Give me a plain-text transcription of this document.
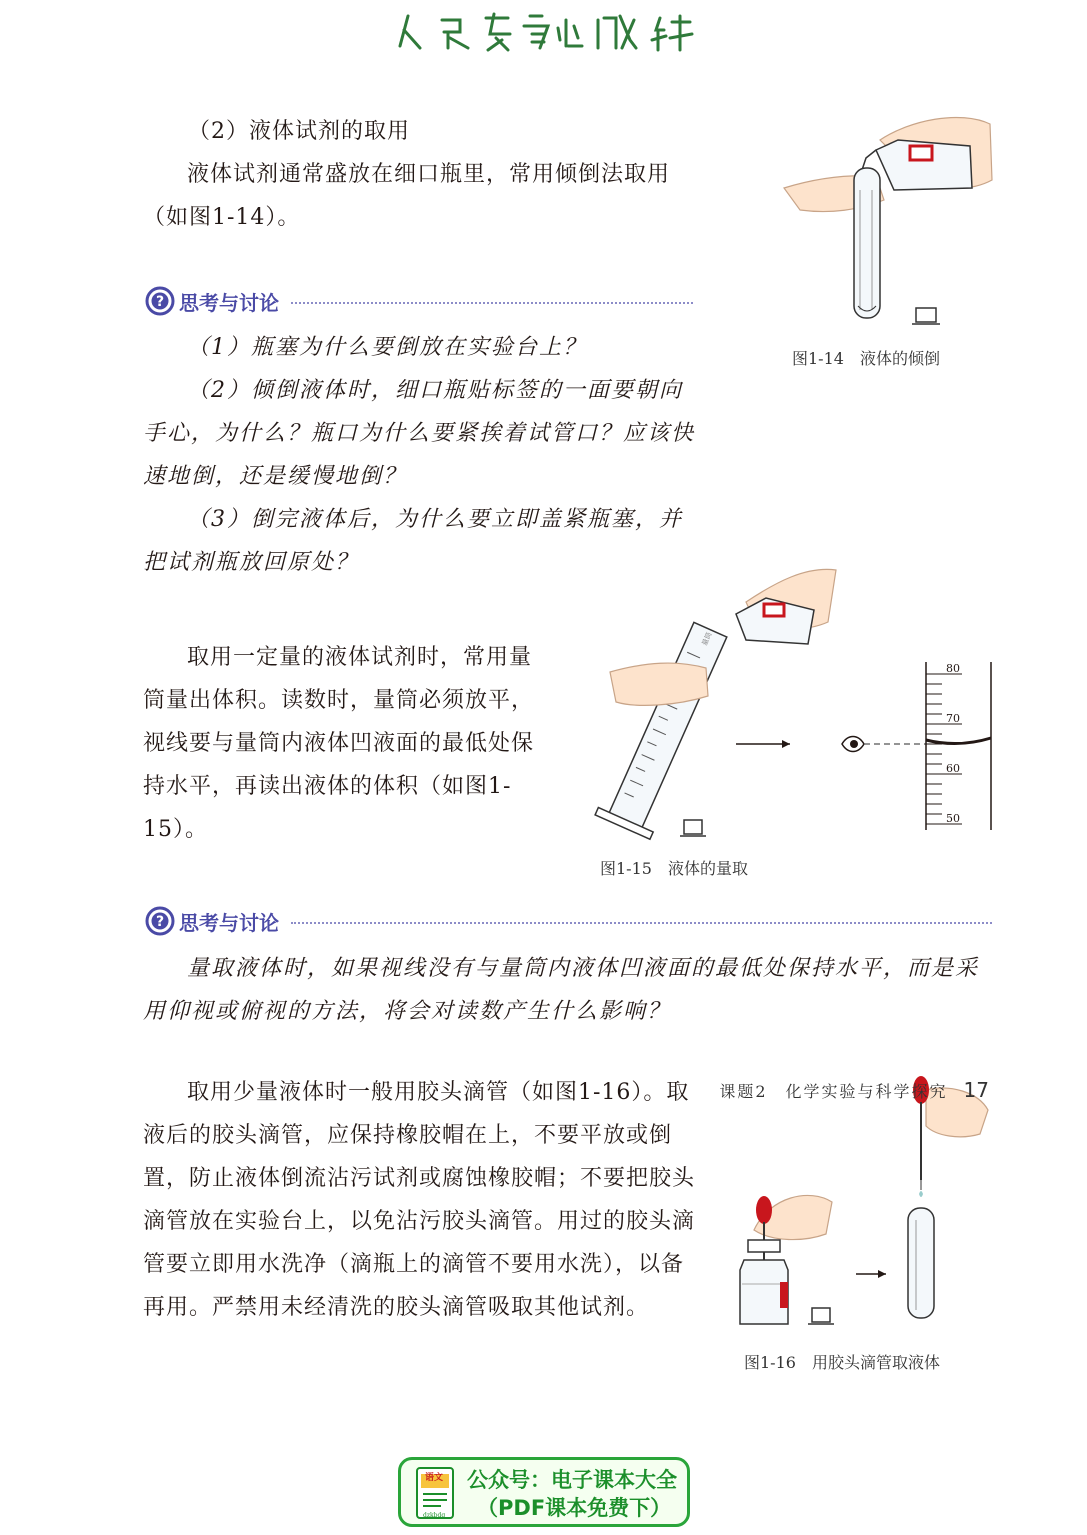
（2）液体试剂的取用

液体试剂通常盛放在细口瓶里，常用倾倒法取用（如图1-14）。

? 思考与讨论

（1）瓶塞为什么要倒放在实验台上？

（2）倾倒液体时，细口瓶贴标签的一面要朝向手心，为什么？瓶口为什么要紧挨着试管口？应该快速地倒，还是缓慢地倒？

（3）倒完液体后，为什么要立即盖紧瓶塞，并把试剂瓶放回原处？

图1-14　液体的倾倒

取用一定量的液体试剂时，常用量筒量出体积。读数时，量筒必须放平，视线要与量筒内液体凹液面的最低处保持水平，再读出液体的体积（如图1-15）。

量筒
80
70
60
50
图1-15　液体的量取
? 思考与讨论

量取液体时，如果视线没有与量筒内液体凹液面的最低处保持水平，而是采用仰视或俯视的方法，将会对读数产生什么影响？

取用少量液体时一般用胶头滴管（如图1-16）。取液后的胶头滴管，应保持橡胶帽在上，不要平放或倒置，防止液体倒流沾污试剂或腐蚀橡胶帽；不要把胶头滴管放在实验台上，以免沾污胶头滴管。用过的胶头滴管要立即用水洗净（滴瓶上的滴管不要用水洗），以备再用。严禁用未经清洗的胶头滴管吸取其他试剂。

图1-16　用胶头滴管取液体
课题2　化学实验与科学探究 17
语文
dzkbdq
公众号：电子课本大全
（PDF课本免费下）
